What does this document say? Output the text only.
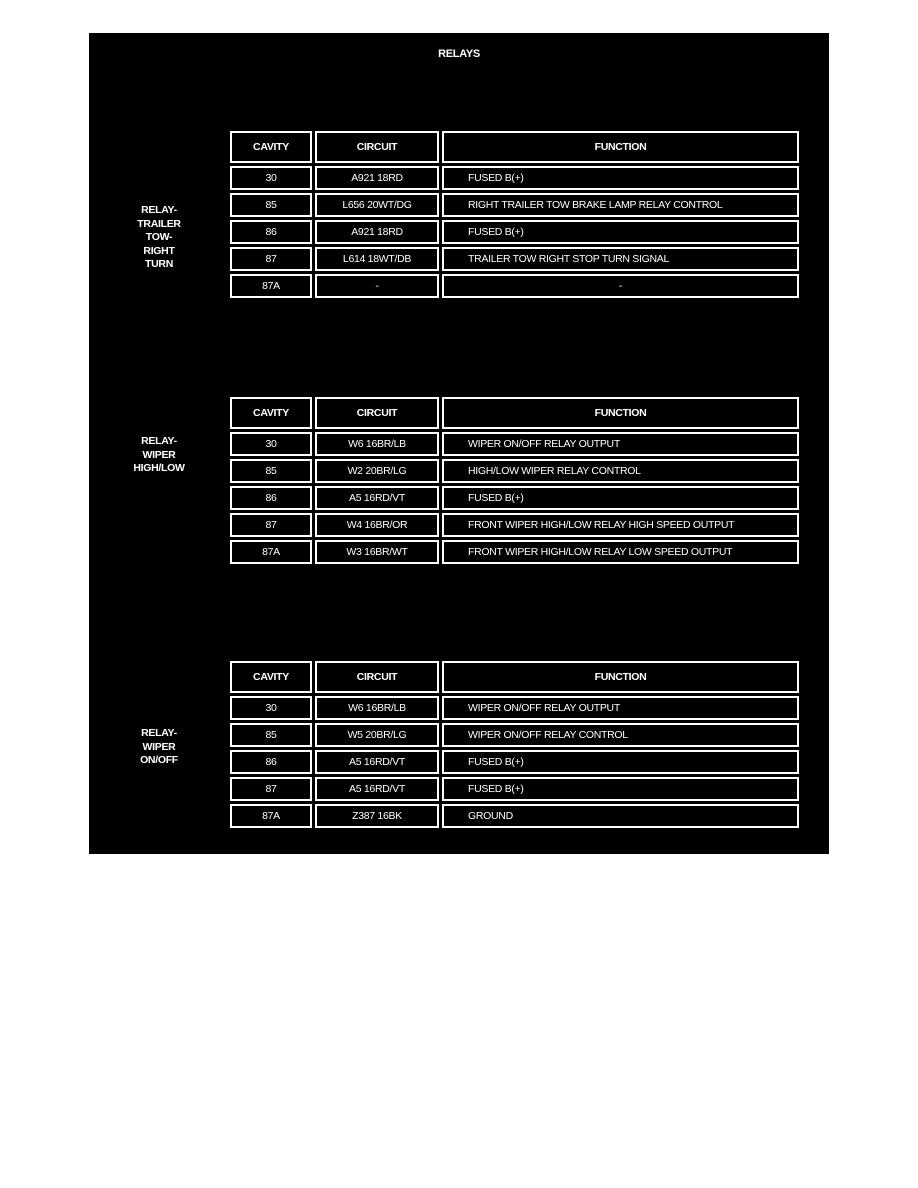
RELAYS
RELAY-
TRAILER
TOW-
RIGHT
TURN
CAVITY	CIRCUIT	FUNCTION
30	A921 18RD	FUSED B(+)
85	L656 20WT/DG	RIGHT TRAILER TOW BRAKE LAMP RELAY CONTROL
86	A921 18RD	FUSED B(+)
87	L614 18WT/DB	TRAILER TOW RIGHT STOP TURN SIGNAL
87A	-	-
RELAY-
WIPER
HIGH/LOW
CAVITY	CIRCUIT	FUNCTION
30	W6 16BR/LB	WIPER ON/OFF RELAY OUTPUT
85	W2 20BR/LG	HIGH/LOW WIPER RELAY CONTROL
86	A5 16RD/VT	FUSED B(+)
87	W4 16BR/OR	FRONT WIPER HIGH/LOW RELAY HIGH SPEED OUTPUT
87A	W3 16BR/WT	FRONT WIPER HIGH/LOW RELAY LOW SPEED OUTPUT
RELAY-
WIPER
ON/OFF
CAVITY	CIRCUIT	FUNCTION
30	W6 16BR/LB	WIPER ON/OFF RELAY OUTPUT
85	W5 20BR/LG	WIPER ON/OFF RELAY CONTROL
86	A5 16RD/VT	FUSED B(+)
87	A5 16RD/VT	FUSED B(+)
87A	Z387 16BK	GROUND
